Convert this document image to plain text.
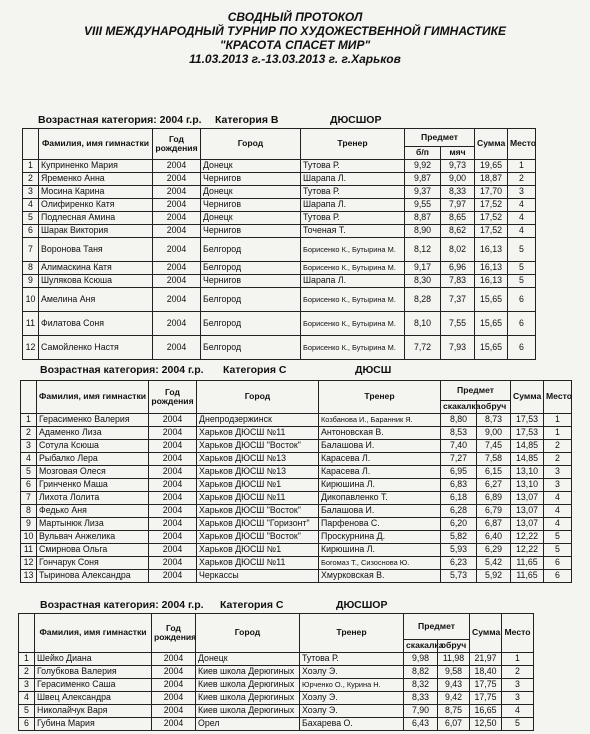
СВОДНЫЙ ПРОТОКОЛ
VIII МЕЖДУНАРОДНЫЙ ТУРНИР ПО ХУДОЖЕСТВЕННОЙ ГИМНАСТИКЕ
"КРАСОТА СПАСЕТ МИР"
11.03.2013 г.-13.03.2013 г. г.Харьков
Возрастная категория: 2004 г.р. Категория В	ДЮСШОР
	Фамилия, имя гимнастки	Год рождения	Город	Тренер	Предмет		Сумма	Место
					б/п	мяч		
1	Куприненко Мария	2004	Донецк	Тутова Р.	9,92	9,73	19,65	1
2	Яременко Анна	2004	Чернигов	Шарапа Л.	9,87	9,00	18,87	2
3	Мосина Карина	2004	Донецк	Тутова Р.	9,37	8,33	17,70	3
4	Олифиренко Катя	2004	Чернигов	Шарапа Л.	9,55	7,97	17,52	4
5	Подлесная Амина	2004	Донецк	Тутова Р.	8,87	8,65	17,52	4
6	Шарак Виктория	2004	Чернигов	Точеная Т.	8,90	8,62	17,52	4
7	Воронова Таня	2004	Белгород	Борисенко К., Бутырина М.	8,12	8,02	16,13	5
8	Алимаскина Катя	2004	Белгород	Борисенко К., Бутырина М.	9,17	6,96	16,13	5
9	Шулякова Ксюша	2004	Чернигов	Шарапа Л.	8,30	7,83	16,13	5
10	Амелина Аня	2004	Белгород	Борисенко К., Бутырина М.	8,28	7,37	15,65	6
11	Филатова Соня	2004	Белгород	Борисенко К., Бутырина М.	8,10	7,55	15,65	6
12	Самойленко Настя	2004	Белгород	Борисенко К., Бутырина М.	7,72	7,93	15,65	6
Возрастная категория: 2004 г.р. Категория С	ДЮСШ
	Фамилия, имя гимнастки	Год рождения	Город	Тренер	Предмет		Сумма	Место
					скакалка	обруч		
1	Герасименко Валерия	2004	Днепродзержинск	Козбанова И., Баранник Я.	8,80	8,73	17,53	1
2	Адаменко Лиза	2004	Харьков ДЮСШ №11	Антоновская В.	8,53	9,00	17,53	1
3	Сотула Ксюша	2004	Харьков ДЮСШ "Восток"	Балашова И.	7,40	7,45	14,85	2
4	Рыбалко Лера	2004	Харьков ДЮСШ №13	Карасева Л.	7,27	7,58	14,85	2
5	Мозговая Олеся	2004	Харьков ДЮСШ №13	Карасева Л.	6,95	6,15	13,10	3
6	Гринченко Маша	2004	Харьков ДЮСШ №1	Кирюшина Л.	6,83	6,27	13,10	3
7	Лихота Лолита	2004	Харьков ДЮСШ №11	Дикопавленко Т.	6,18	6,89	13,07	4
8	Федько Аня	2004	Харьков ДЮСШ "Восток"	Балашова И.	6,28	6,79	13,07	4
9	Мартынюк Лиза	2004	Харьков ДЮСШ "Горизонт"	Парфенова С.	6,20	6,87	13,07	4
10	Вульвач Анжелика	2004	Харьков ДЮСШ "Восток"	Проскурнина Д.	5,82	6,40	12,22	5
11	Смирнова Ольга	2004	Харьков ДЮСШ №1	Кирюшина Л.	5,93	6,29	12,22	5
12	Гончарук Соня	2004	Харьков ДЮСШ №11	Богомаз Т., Сизоснова Ю.	6,23	5,42	11,65	6
13	Тыринова Александра	2004	Черкассы	Хмурковская В.	5,73	5,92	11,65	6
Возрастная категория: 2004 г.р. Категория С	ДЮСШОР
	Фамилия, имя гимнастки	Год рождения	Город	Тренер	Предмет		Сумма	Место
					скакалка	обруч		
1	Шейко Диана	2004	Донецк	Тутова Р.	9,98	11,98	21,97	1
2	Голубкова Валерия	2004	Киев школа Дерюгиных	Хоэлу Э.	8,82	9,58	18,40	2
3	Герасименко Саша	2004	Киев школа Дерюгиных	Юрченко О., Курина Н.	8,32	9,43	17,75	3
4	Швец Александра	2004	Киев школа Дерюгиных	Хоэлу Э.	8,33	9,42	17,75	3
5	Николайчук Варя	2004	Киев школа Дерюгиных	Хоэлу Э.	7,90	8,75	16,65	4
6	Губина Мария	2004	Орел	Бахарева О.	6,43	6,07	12,50	5
